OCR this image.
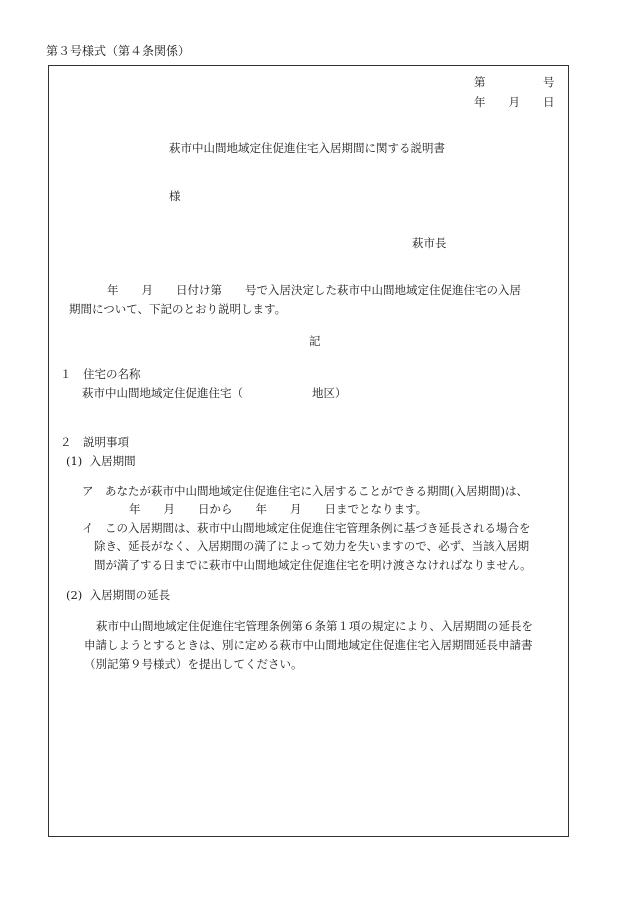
第３号様式（第４条関係）
第　　　　　号
年　　月　　日
萩市中山間地域定住促進住宅入居期間に関する説明書
様
萩市長
年　　月　　日付け第　　号で入居決定した萩市中山間地域定住促進住宅の入居
期間について、下記のとおり説明します。
記
１　住宅の名称
萩市中山間地域定住促進住宅（　　　　　　地区）
２　説明事項
(1)  入居期間
ア　あなたが萩市中山間地域定住促進住宅に入居することができる期間(入居期間)は、
年　　月　　日から　　年　　月　　日までとなります。
イ　この入居期間は、萩市中山間地域定住促進住宅管理条例に基づき延長される場合を
除き、延長がなく、入居期間の満了によって効力を失いますので、必ず、当該入居期
間が満了する日までに萩市中山間地域定住促進住宅を明け渡さなければなりません。
(2)  入居期間の延長
萩市中山間地域定住促進住宅管理条例第６条第１項の規定により、入居期間の延長を
申請しようとするときは、別に定める萩市中山間地域定住促進住宅入居期間延長申請書
（別記第９号様式）を提出してください。
